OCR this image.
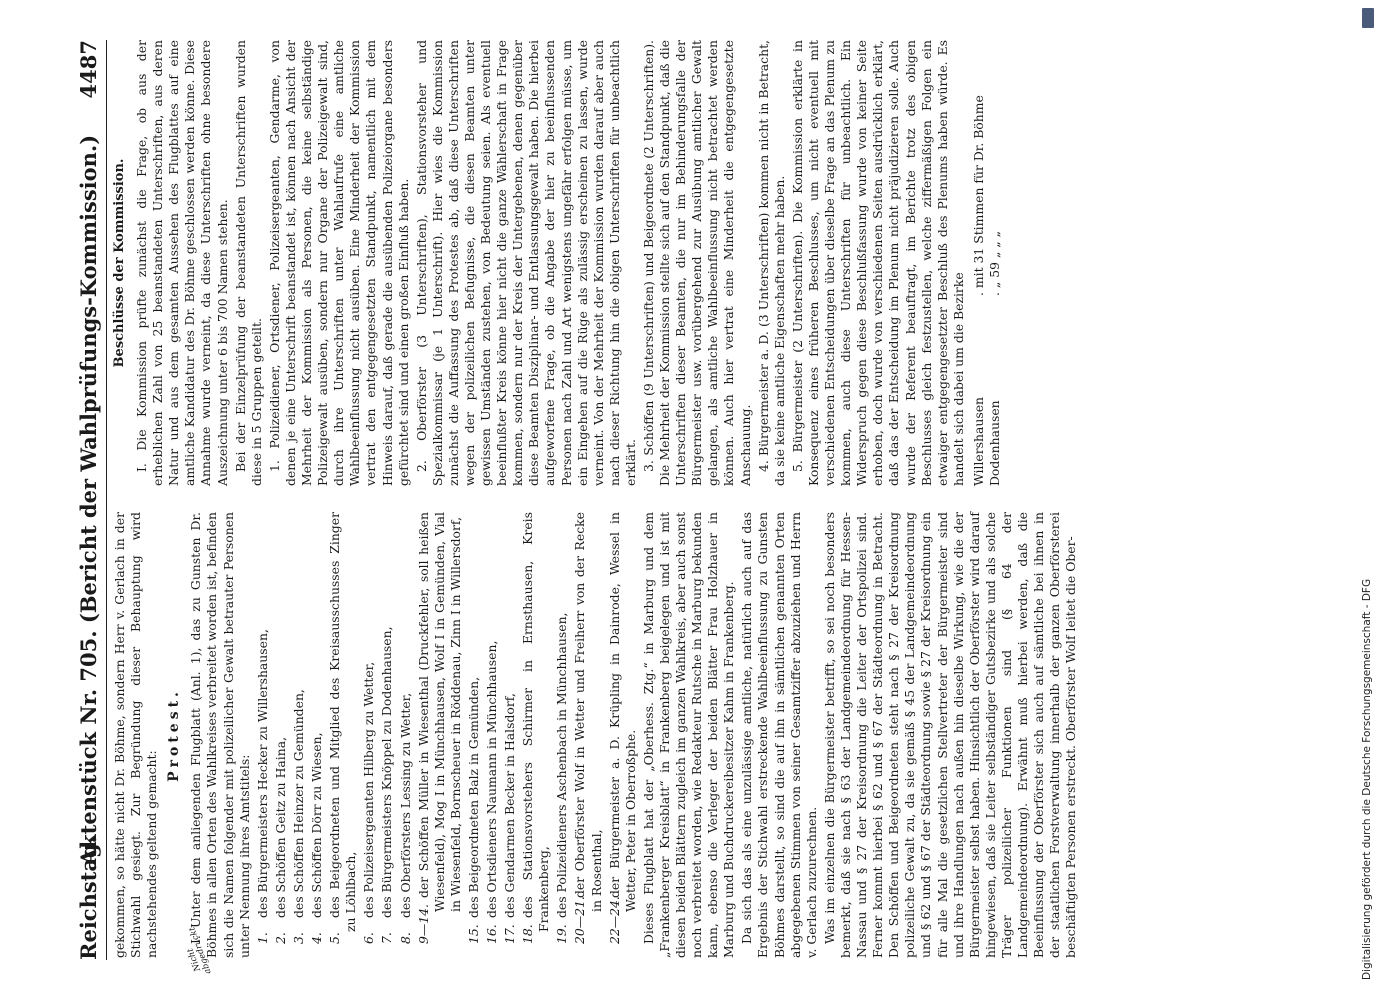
Digitalisierung gefördert durch die Deutsche Forschungsgemeinschaft - DFG
Reichstag.
Aktenstück Nr. 705. (Bericht der Wahlprüfungs-Kommission.)
4487

gekommen, so hätte nicht Dr. Böhme, sondern Herr v. Gerlach in der Stichwahl gesiegt. Zur Begründung dieser Behauptung wird nachstehendes geltend gemacht:

Protest.
Nicht abgedruckt.

I. Unter dem anliegenden Flugblatt (Anl. 1), das zu Gunsten Dr. Böhmes in allen Orten des Wahlkreises verbreitet worden ist, befinden sich die Namen folgender mit polizeilicher Gewalt betrauter Personen unter Nennung ihres Amtstitels: 1.
des Bürgermeisters Hecker zu Willershausen,

2.
des Schöffen Geitz zu Haina,

3.
des Schöffen Heinzer zu Gemünden,

4.
des Schöffen Dörr zu Wiesen,

5.
des Beigeordneten und Mitglied des Kreisausschusses Zinger zu Löhlbach,

6.
des Polizeisergeanten Hilberg zu Wetter,

7.
des Bürgermeisters Knöppel zu Dodenhausen,

8.
des Oberförsters Lessing zu Wetter,

9—14.
der Schöffen Müller in Wiesenthal (Druckfehler, soll heißen Wiesenfeld), Mog I in Münchhausen, Wolf I in Gemünden, Vial in Wiesenfeld, Bornscheuer in Röddenau, Zinn I in Willersdorf,

15.
des Beigeordneten Balz in Gemünden,

16.
des Ortsdieners Naumann in Münchhausen,

17.
des Gendarmen Becker in Halsdorf,

18.
des Stationsvorstehers Schirmer in Ernsthausen, Kreis Frankenberg,

19.
des Polizeidieners Aschenbach in Münchhausen,

20—21.
der Oberförster Wolf in Wetter und Freiherr von der Recke in Rosenthal,

22—24.
der Bürgermeister a. D. Krüpling in Dainrode, Wessel in Wetter, Peter in Oberroßphe. Dieses Flugblatt hat der „Oberhess. Ztg.“ in Marburg und dem „Frankenberger Kreisblatt“ in Frankenberg beigelegen und ist mit diesen beiden Blättern zugleich im ganzen Wahlkreis, aber auch sonst noch verbreitet worden, wie Redakteur Rutsche in Marburg bekunden kann, ebenso die Verleger der beiden Blätter Frau Holzhauer in Marburg und Buchdruckereibesitzer Kahm in Frankenberg. Da sich das als eine unzulässige amtliche, natürlich auch auf das Ergebnis der Stichwahl erstreckende Wahlbeeinflussung zu Gunsten Böhmes darstellt, so sind die auf ihn in sämtlichen genannten Orten abgegebenen Stimmen von seiner Gesamtziffer abzuziehen und Herrn v. Gerlach zuzurechnen. Was im einzelnen die Bürgermeister betrifft, so sei noch besonders bemerkt, daß sie nach § 63 der Landgemeindeordnung für Hessen-Nassau und § 27 der Kreisordnung die Leiter der Ortspolizei sind. Ferner kommt hierbei § 62 und § 67 der Städteordnung in Betracht. Den Schöffen und Beigeordneten steht nach § 27 der Kreisordnung polizeiliche Gewalt zu, da sie gemäß § 45 der Landgemeindeordnung und § 62 und § 67 der Städteordnung sowie § 27 der Kreisordnung ein für alle Mal die gesetzlichen Stellvertreter der Bürgermeister sind und ihre Handlungen nach außen hin dieselbe Wirkung, wie die der Bürgermeister selbst haben. Hinsichtlich der Oberförster wird darauf hingewiesen, daß sie Leiter selbständiger Gutsbezirke und als solche Träger polizeilicher Funktionen sind (§ 64 der Landgemeindeordnung). Erwähnt muß hierbei werden, daß die Beeinflussung der Oberförster sich auch auf sämtliche bei ihnen in der staatlichen Forstverwaltung innerhalb der ganzen Oberförsterei beschäftigten Personen erstreckt. Oberförster Wolf leitet die Ober-

Beschlüsse der Kommission. I. Die Kommission prüfte zunächst die Frage, ob aus der erheblichen Zahl von 25 beanstandeten Unterschriften, aus deren Natur und aus dem gesamten Aussehen des Flugblattes auf eine amtliche Kandidatur des Dr. Böhme geschlossen werden könne. Diese Annahme wurde verneint, da diese Unterschriften ohne besondere Auszeichnung unter 6 bis 700 Namen stehen. Bei der Einzelprüfung der beanstandeten Unterschriften wurden diese in 5 Gruppen geteilt. 1. Polizeidiener, Ortsdiener, Polizeisergeanten, Gendarme, von denen je eine Unterschrift beanstandet ist, können nach Ansicht der Mehrheit der Kommission als Personen, die keine selbständige Polizeigewalt ausüben, sondern nur Organe der Polizeigewalt sind, durch ihre Unterschriften unter Wahlaufrufe eine amtliche Wahlbeeinflussung nicht ausüben. Eine Minderheit der Kommission vertrat den entgegengesetzten Standpunkt, namentlich mit dem Hinweis darauf, daß gerade die ausübenden Polizeiorgane besonders gefürchtet sind und einen großen Einfluß haben. 2. Oberförster (3 Unterschriften), Stationsvorsteher und Spezialkommissar (je 1 Unterschrift). Hier wies die Kommission zunächst die Auffassung des Protestes ab, daß diese Unterschriften wegen der polizeilichen Befugnisse, die diesen Beamten unter gewissen Umständen zustehen, von Bedeutung seien. Als eventuell beeinflußter Kreis könne hier nicht die ganze Wählerschaft in Frage kommen, sondern nur der Kreis der Untergebenen, denen gegenüber diese Beamten Disziplinar- und Entlassungsgewalt haben. Die hierbei aufgeworfene Frage, ob die Angabe der hier zu beeinflussenden Personen nach Zahl und Art wenigstens ungefähr erfolgen müsse, um ein Eingehen auf die Rüge als zulässig erscheinen zu lassen, wurde verneint. Von der Mehrheit der Kommission wurden darauf aber auch nach dieser Richtung hin die obigen Unterschriften für unbeachtlich erklärt. 3. Schöffen (9 Unterschriften) und Beigeordnete (2 Unterschriften). Die Mehrheit der Kommission stellte sich auf den Standpunkt, daß die Unterschriften dieser Beamten, die nur im Behinderungsfalle der Bürgermeister usw. vorübergehend zur Ausübung amtlicher Gewalt gelangen, als amtliche Wahlbeeinflussung nicht betrachtet werden können. Auch hier vertrat eine Minderheit die entgegengesetzte Anschauung. 4. Bürgermeister a. D. (3 Unterschriften) kommen nicht in Betracht, da sie keine amtliche Eigenschaften mehr haben. 5. Bürgermeister (2 Unterschriften). Die Kommission erklärte in Konsequenz eines früheren Beschlusses, um nicht eventuell mit verschiedenen Entscheidungen über dieselbe Frage an das Plenum zu kommen, auch diese Unterschriften für unbeachtlich. Ein Widerspruch gegen diese Beschlußfassung wurde von keiner Seite erhoben, doch wurde von verschiedenen Seiten ausdrücklich erklärt, daß das der Entscheidung im Plenum nicht präjudizieren solle. Auch wurde der Referent beauftragt, im Berichte trotz des obigen Beschlusses gleich festzustellen, welche ziffermäßigen Folgen ein etwaiger entgegengesetzter Beschluß des Plenums haben würde. Es handelt sich dabei um die Bezirke Willershausen
. mit 31 Stimmen für Dr. Böhme
Dodenhausen
. „ 59 „ „ „
